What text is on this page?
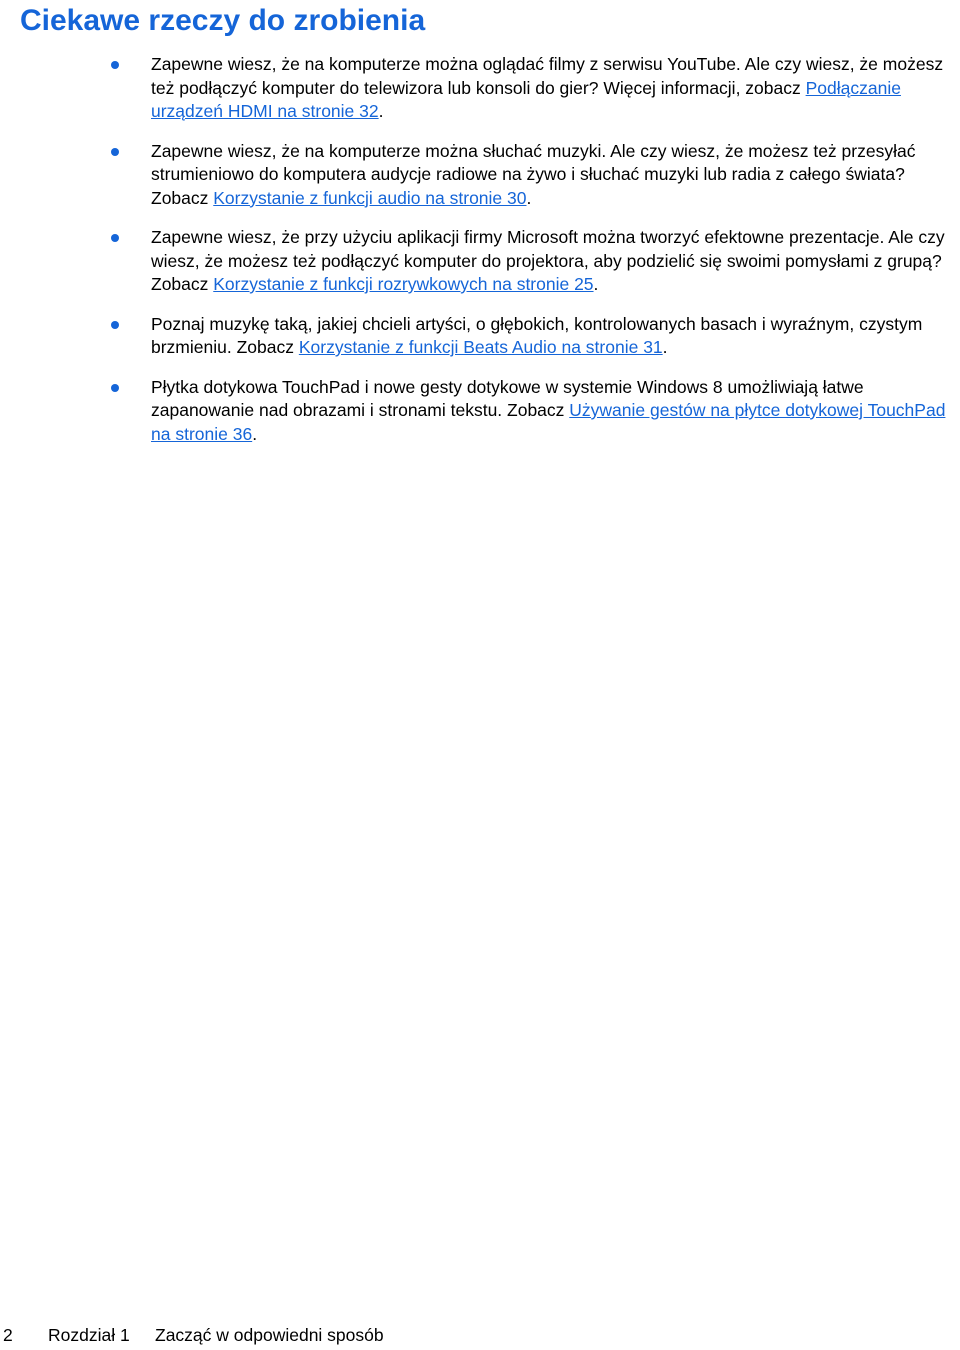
Ciekawe rzeczy do zrobienia
Zapewne wiesz, że na komputerze można oglądać filmy z serwisu YouTube. Ale czy wiesz, że możesz też podłączyć komputer do telewizora lub konsoli do gier? Więcej informacji, zobacz Podłączanie urządzeń HDMI na stronie 32.
Zapewne wiesz, że na komputerze można słuchać muzyki. Ale czy wiesz, że możesz też przesyłać strumieniowo do komputera audycje radiowe na żywo i słuchać muzyki lub radia z całego świata? Zobacz Korzystanie z funkcji audio na stronie 30.
Zapewne wiesz, że przy użyciu aplikacji firmy Microsoft można tworzyć efektowne prezentacje. Ale czy wiesz, że możesz też podłączyć komputer do projektora, aby podzielić się swoimi pomysłami z grupą? Zobacz Korzystanie z funkcji rozrywkowych na stronie 25.
Poznaj muzykę taką, jakiej chcieli artyści, o głębokich, kontrolowanych basach i wyraźnym, czystym brzmieniu. Zobacz Korzystanie z funkcji Beats Audio na stronie 31.
Płytka dotykowa TouchPad i nowe gesty dotykowe w systemie Windows 8 umożliwiają łatwe zapanowanie nad obrazami i stronami tekstu. Zobacz Używanie gestów na płytce dotykowej TouchPad na stronie 36.
2 Rozdział 1 Zacząć w odpowiedni sposób
